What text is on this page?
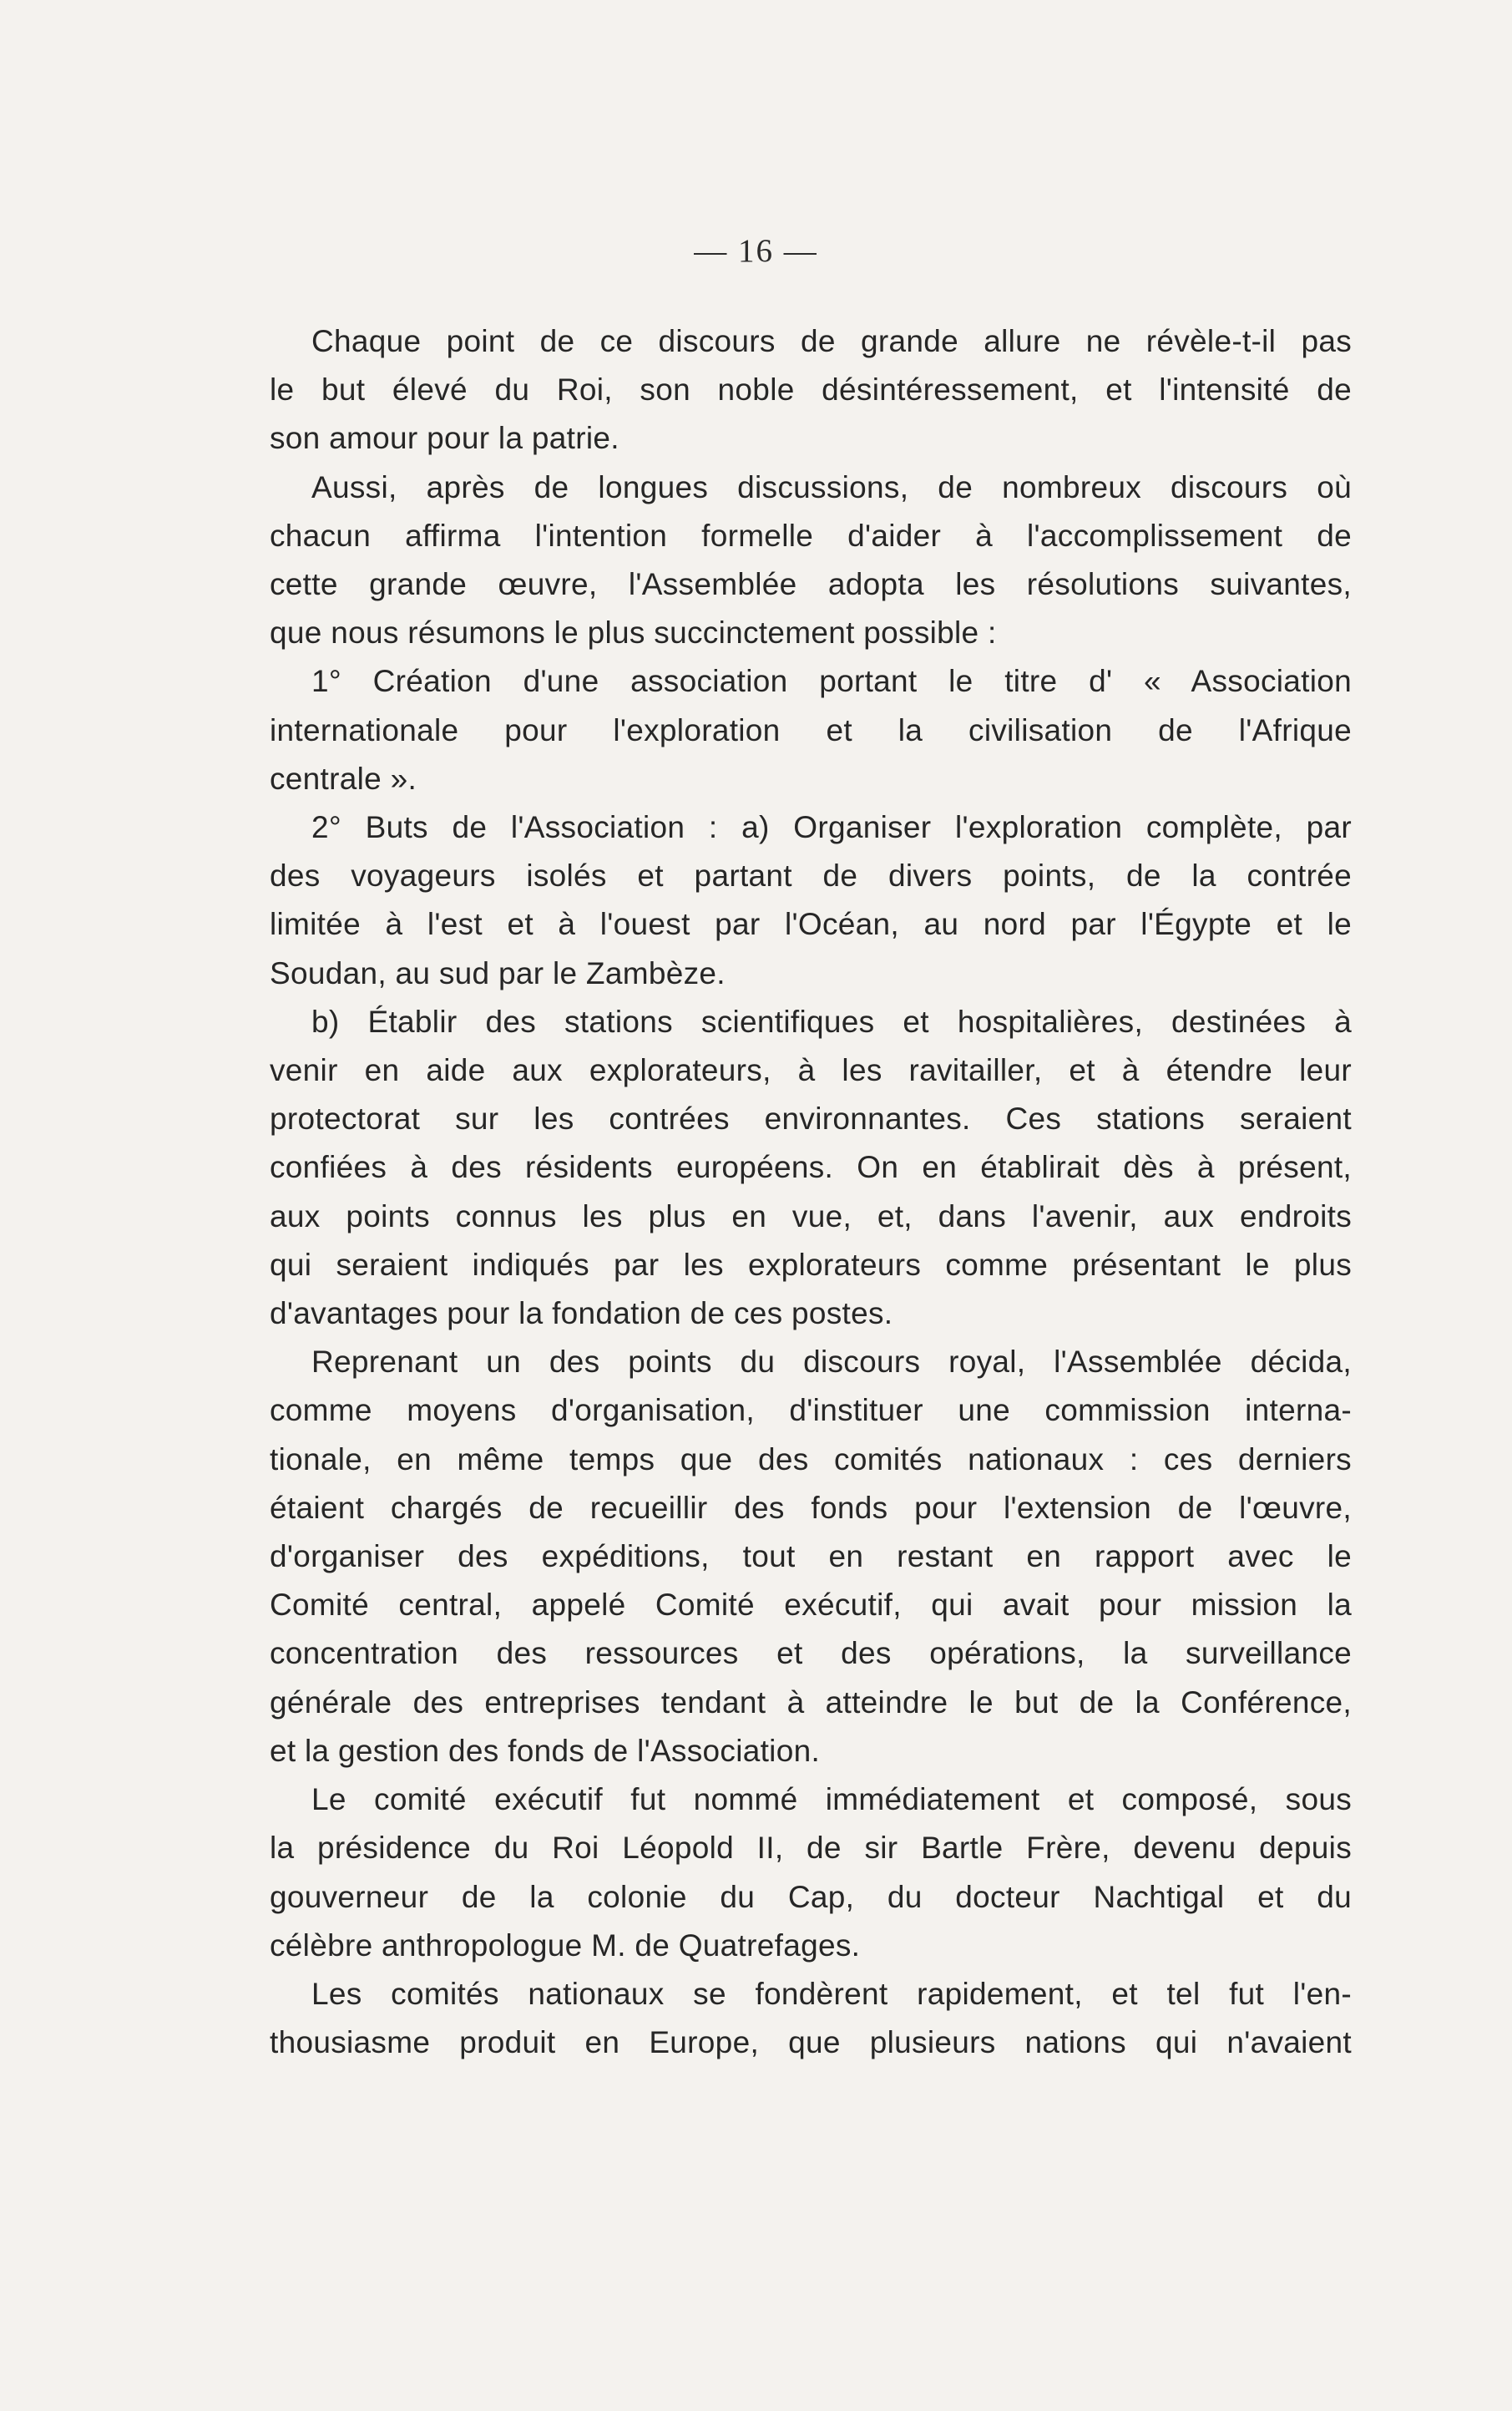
— 16 —

Chaque point de ce discours de grande allure ne révèle-t-il pas
le but élevé du Roi, son noble désintéressement, et l'intensité de
son amour pour la patrie.

Aussi, après de longues discussions, de nombreux discours où
chacun affirma l'intention formelle d'aider à l'accomplissement de
cette grande œuvre, l'Assemblée adopta les résolutions suivantes,
que nous résumons le plus succinctement possible :

1° Création d'une association portant le titre d' « Association
internationale pour l'exploration et la civilisation de l'Afrique
centrale ».

2° Buts de l'Association : a) Organiser l'exploration complète, par
des voyageurs isolés et partant de divers points, de la contrée
limitée à l'est et à l'ouest par l'Océan, au nord par l'Égypte et le
Soudan, au sud par le Zambèze.

b) Établir des stations scientifiques et hospitalières, destinées à
venir en aide aux explorateurs, à les ravitailler, et à étendre leur
protectorat sur les contrées environnantes. Ces stations seraient
confiées à des résidents européens. On en établirait dès à présent,
aux points connus les plus en vue, et, dans l'avenir, aux endroits
qui seraient indiqués par les explorateurs comme présentant le plus
d'avantages pour la fondation de ces postes.

Reprenant un des points du discours royal, l'Assemblée décida,
comme moyens d'organisation, d'instituer une commission interna-
tionale, en même temps que des comités nationaux : ces derniers
étaient chargés de recueillir des fonds pour l'extension de l'œuvre,
d'organiser des expéditions, tout en restant en rapport avec le
Comité central, appelé Comité exécutif, qui avait pour mission la
concentration des ressources et des opérations, la surveillance
générale des entreprises tendant à atteindre le but de la Conférence,
et la gestion des fonds de l'Association.

Le comité exécutif fut nommé immédiatement et composé, sous
la présidence du Roi Léopold II, de sir Bartle Frère, devenu depuis
gouverneur de la colonie du Cap, du docteur Nachtigal et du
célèbre anthropologue M. de Quatrefages.

Les comités nationaux se fondèrent rapidement, et tel fut l'en-
thousiasme produit en Europe, que plusieurs nations qui n'avaient
